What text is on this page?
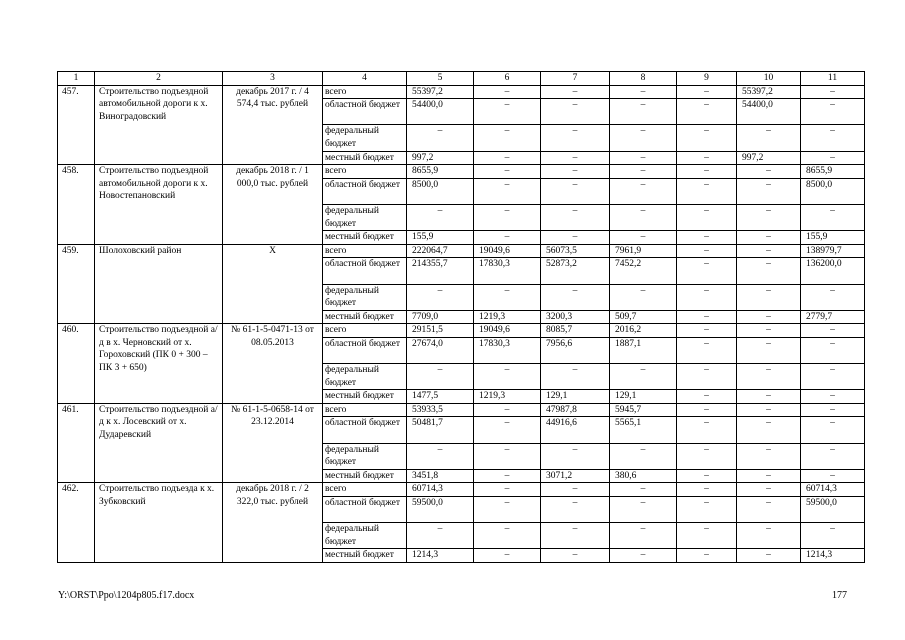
1	2	3	4	5	6	7	8	9	10	11
457.	Строительство подъездной автомобильной дороги к х. Виноградовский	декабрь 2017 г. / 4 574,4 тыс. рублей	всего	55397,2	–	–	–	–	55397,2	–
			областной бюджет	54400,0	–	–	–	–	54400,0	–
			федеральный бюджет	–	–	–	–	–	–	–
			местный бюджет	997,2	–	–	–	–	997,2	–
458.	Строительство подъездной автомобильной дороги к х. Новостепановский	декабрь 2018 г. / 1 000,0 тыс. рублей	всего	8655,9	–	–	–	–	–	8655,9
			областной бюджет	8500,0	–	–	–	–	–	8500,0
			федеральный бюджет	–	–	–	–	–	–	–
			местный бюджет	155,9	–	–	–	–	–	155,9
459.	Шолоховский район	Х	всего	222064,7	19049,6	56073,5	7961,9	–	–	138979,7
			областной бюджет	214355,7	17830,3	52873,2	7452,2	–	–	136200,0
			федеральный бюджет	–	–	–	–	–	–	–
			местный бюджет	7709,0	1219,3	3200,3	509,7	–	–	2779,7
460.	Строительство подъездной а/д в х. Черновский от х. Гороховский (ПК 0 + 300 – ПК 3 + 650)	№ 61-1-5-0471-13 от 08.05.2013	всего	29151,5	19049,6	8085,7	2016,2	–	–	–
			областной бюджет	27674,0	17830,3	7956,6	1887,1	–	–	–
			федеральный бюджет	–	–	–	–	–	–	–
			местный бюджет	1477,5	1219,3	129,1	129,1	–	–	–
461.	Строительство подъездной а/д к х. Лосевский от х. Дударевский	№ 61-1-5-0658-14 от 23.12.2014	всего	53933,5	–	47987,8	5945,7	–	–	–
			областной бюджет	50481,7	–	44916,6	5565,1	–	–	–
			федеральный бюджет	–	–	–	–	–	–	–
			местный бюджет	3451,8	–	3071,2	380,6	–	–	–
462.	Строительство подъезда к х. Зубковский	декабрь 2018 г. / 2 322,0 тыс. рублей	всего	60714,3	–	–	–	–	–	60714,3
			областной бюджет	59500,0	–	–	–	–	–	59500,0
			федеральный бюджет	–	–	–	–	–	–	–
			местный бюджет	1214,3	–	–	–	–	–	1214,3
Y:\ORST\Ppo\1204p805.f17.docx	177
